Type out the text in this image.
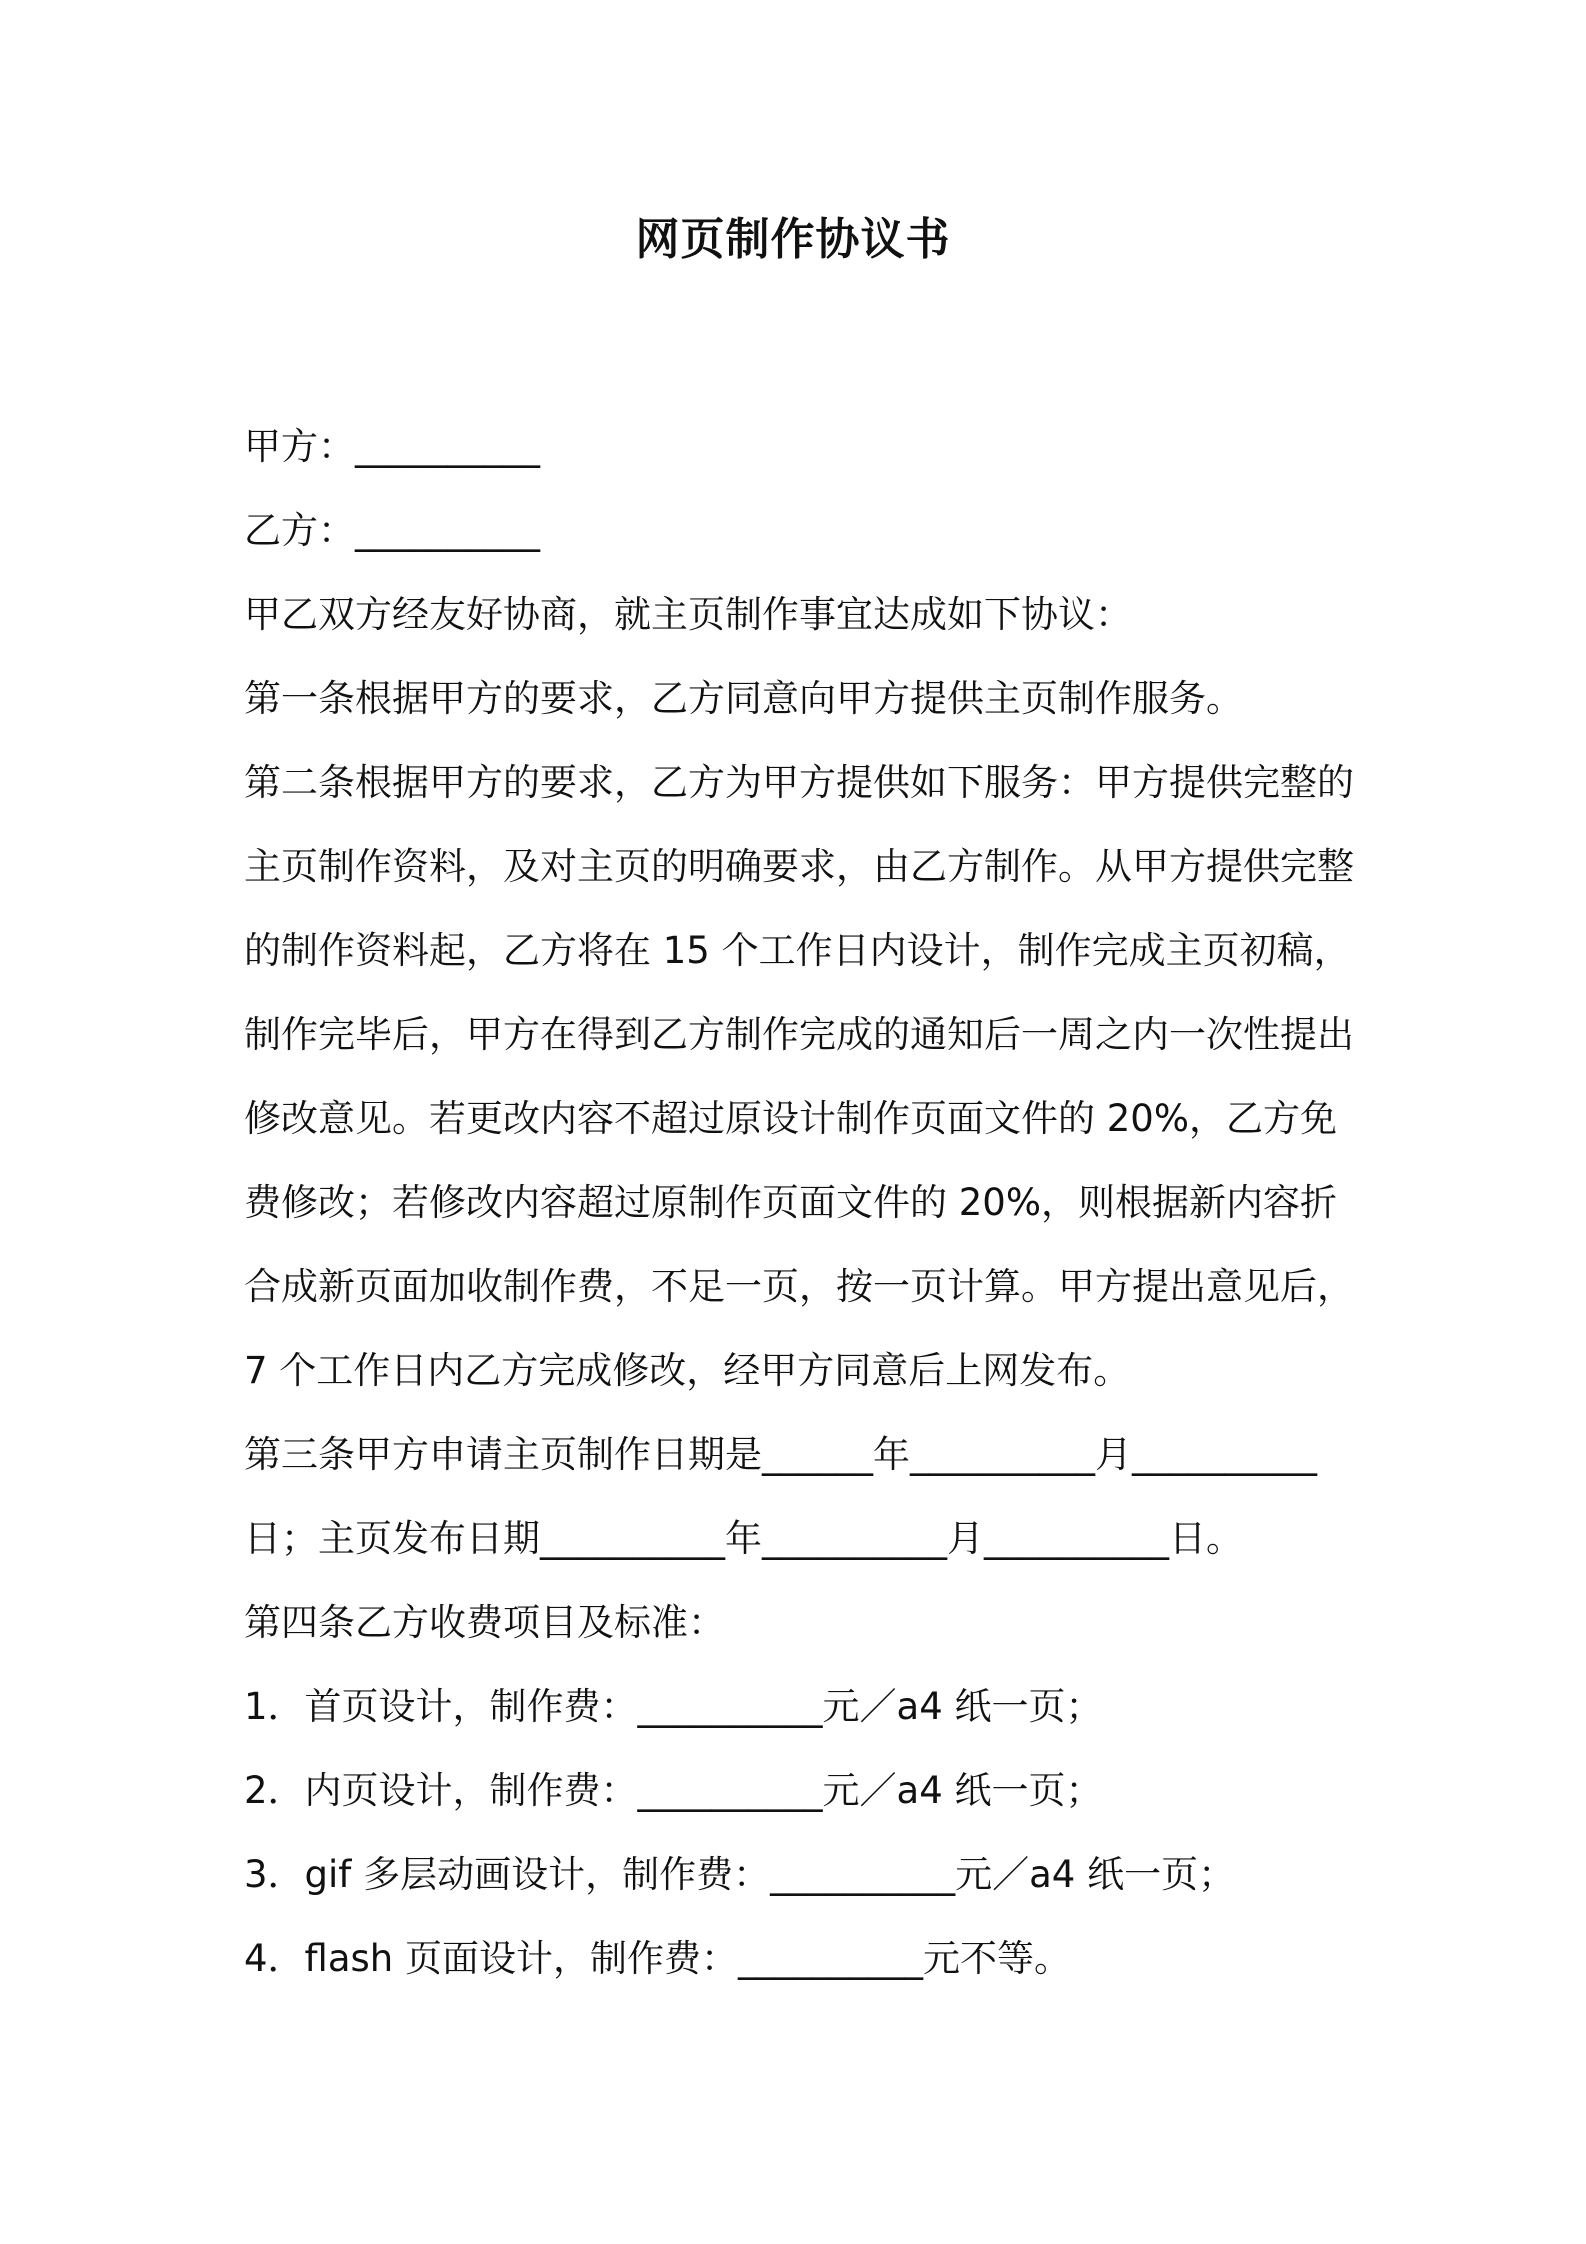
网页制作协议书
甲方：__________
乙方：__________
甲乙双方经友好协商，就主页制作事宜达成如下协议：
第一条根据甲方的要求，乙方同意向甲方提供主页制作服务。
第二条根据甲方的要求，乙方为甲方提供如下服务：甲方提供完整的
主页制作资料，及对主页的明确要求，由乙方制作。从甲方提供完整
的制作资料起，乙方将在 15 个工作日内设计，制作完成主页初稿，
制作完毕后，甲方在得到乙方制作完成的通知后一周之内一次性提出
修改意见。若更改内容不超过原设计制作页面文件的 20%，乙方免
费修改；若修改内容超过原制作页面文件的 20%，则根据新内容折
合成新页面加收制作费，不足一页，按一页计算。甲方提出意见后，
7 个工作日内乙方完成修改，经甲方同意后上网发布。
第三条甲方申请主页制作日期是______年__________月__________
日；主页发布日期__________年__________月__________日。
第四条乙方收费项目及标准：
1．首页设计，制作费：__________元／a4 纸一页；
2．内页设计，制作费：__________元／a4 纸一页；
3．gif 多层动画设计，制作费：__________元／a4 纸一页；
4．flash 页面设计，制作费：__________元不等。
